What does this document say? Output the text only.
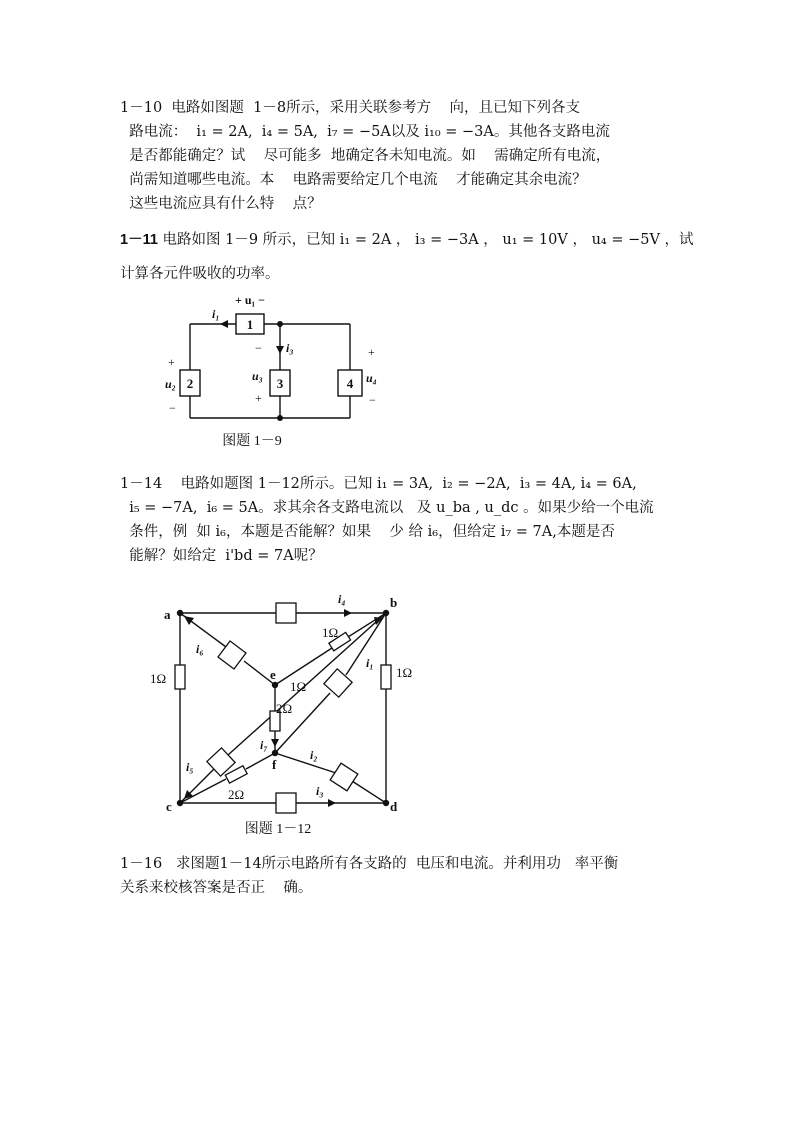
1－10  电路如图题  1－8所示，采用关联参考方    向，且已知下列各支
路电流：  i₁ = 2A,  i₄ = 5A,  i₇ = −5A以及 i₁₀ = −3A。其他各支路电流
是否都能确定？试    尽可能多  地确定各未知电流。如    需确定所有电流，
尚需知道哪些电流。本    电路需要给定几个电流    才能确定其余电流？
这些电流应具有什么特    点？
1－11 电路如图 1－9 所示，已知 i₁ = 2A ， i₃ = −3A ， u₁ = 10V ， u₄ = −5V ，试
计算各元件吸收的功率。
1
2	3	4
+ u₁ −
i₁
i₃
+
u₂
−
−
u₃
+
+
u₄
−
图题 1－9
1－14    电路如题图 1－12所示。已知 i₁ = 3A,  i₂ = −2A,  i₃ = 4A, i₄ = 6A,
i₅ = −7A,  i₆ = 5A。求其余各支路电流以   及 u_ba , u_dc 。如果少给一个电流
条件，例  如 i₆，本题是否能解？如果    少 给 i₆，但给定 i₇ = 7A,本题是否
能解？如给定  i'bd = 7A呢？
a
b
c	d
e
f
i₄
i₆
i₁
i₇
i₂
i₅
i₃
1Ω	1Ω
1Ω
1Ω
2Ω
2Ω
图题 1－12
1－16   求图题1－14所示电路所有各支路的  电压和电流。并利用功   率平衡
关系来校核答案是否正    确。
